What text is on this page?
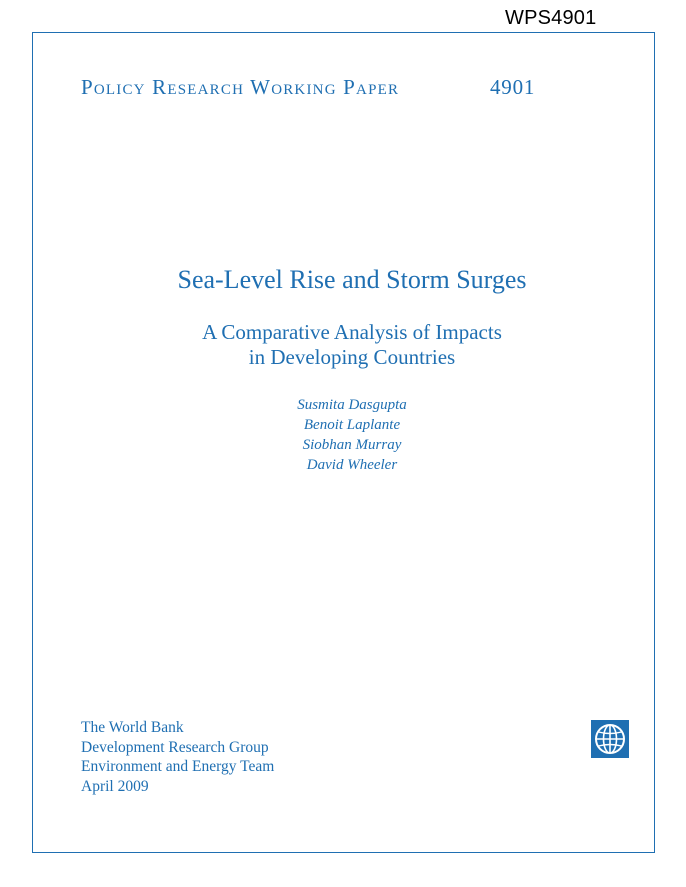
WPS4901
Policy Research Working Paper	4901
Sea-Level Rise and Storm Surges
A Comparative Analysis of Impacts
in Developing Countries
Susmita Dasgupta
Benoit Laplante
Siobhan Murray
David Wheeler
The World Bank
Development Research Group
Environment and Energy Team
April 2009
